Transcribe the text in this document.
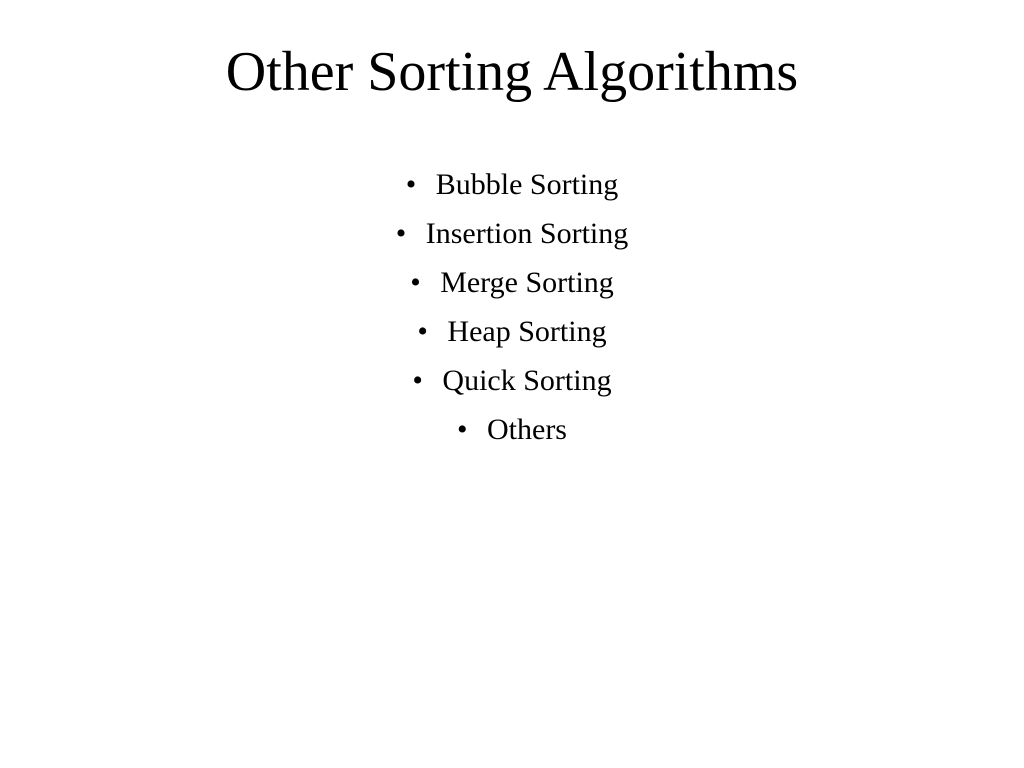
Other Sorting Algorithms
• Bubble Sorting
• Insertion Sorting
• Merge Sorting
• Heap Sorting
• Quick Sorting
• Others
